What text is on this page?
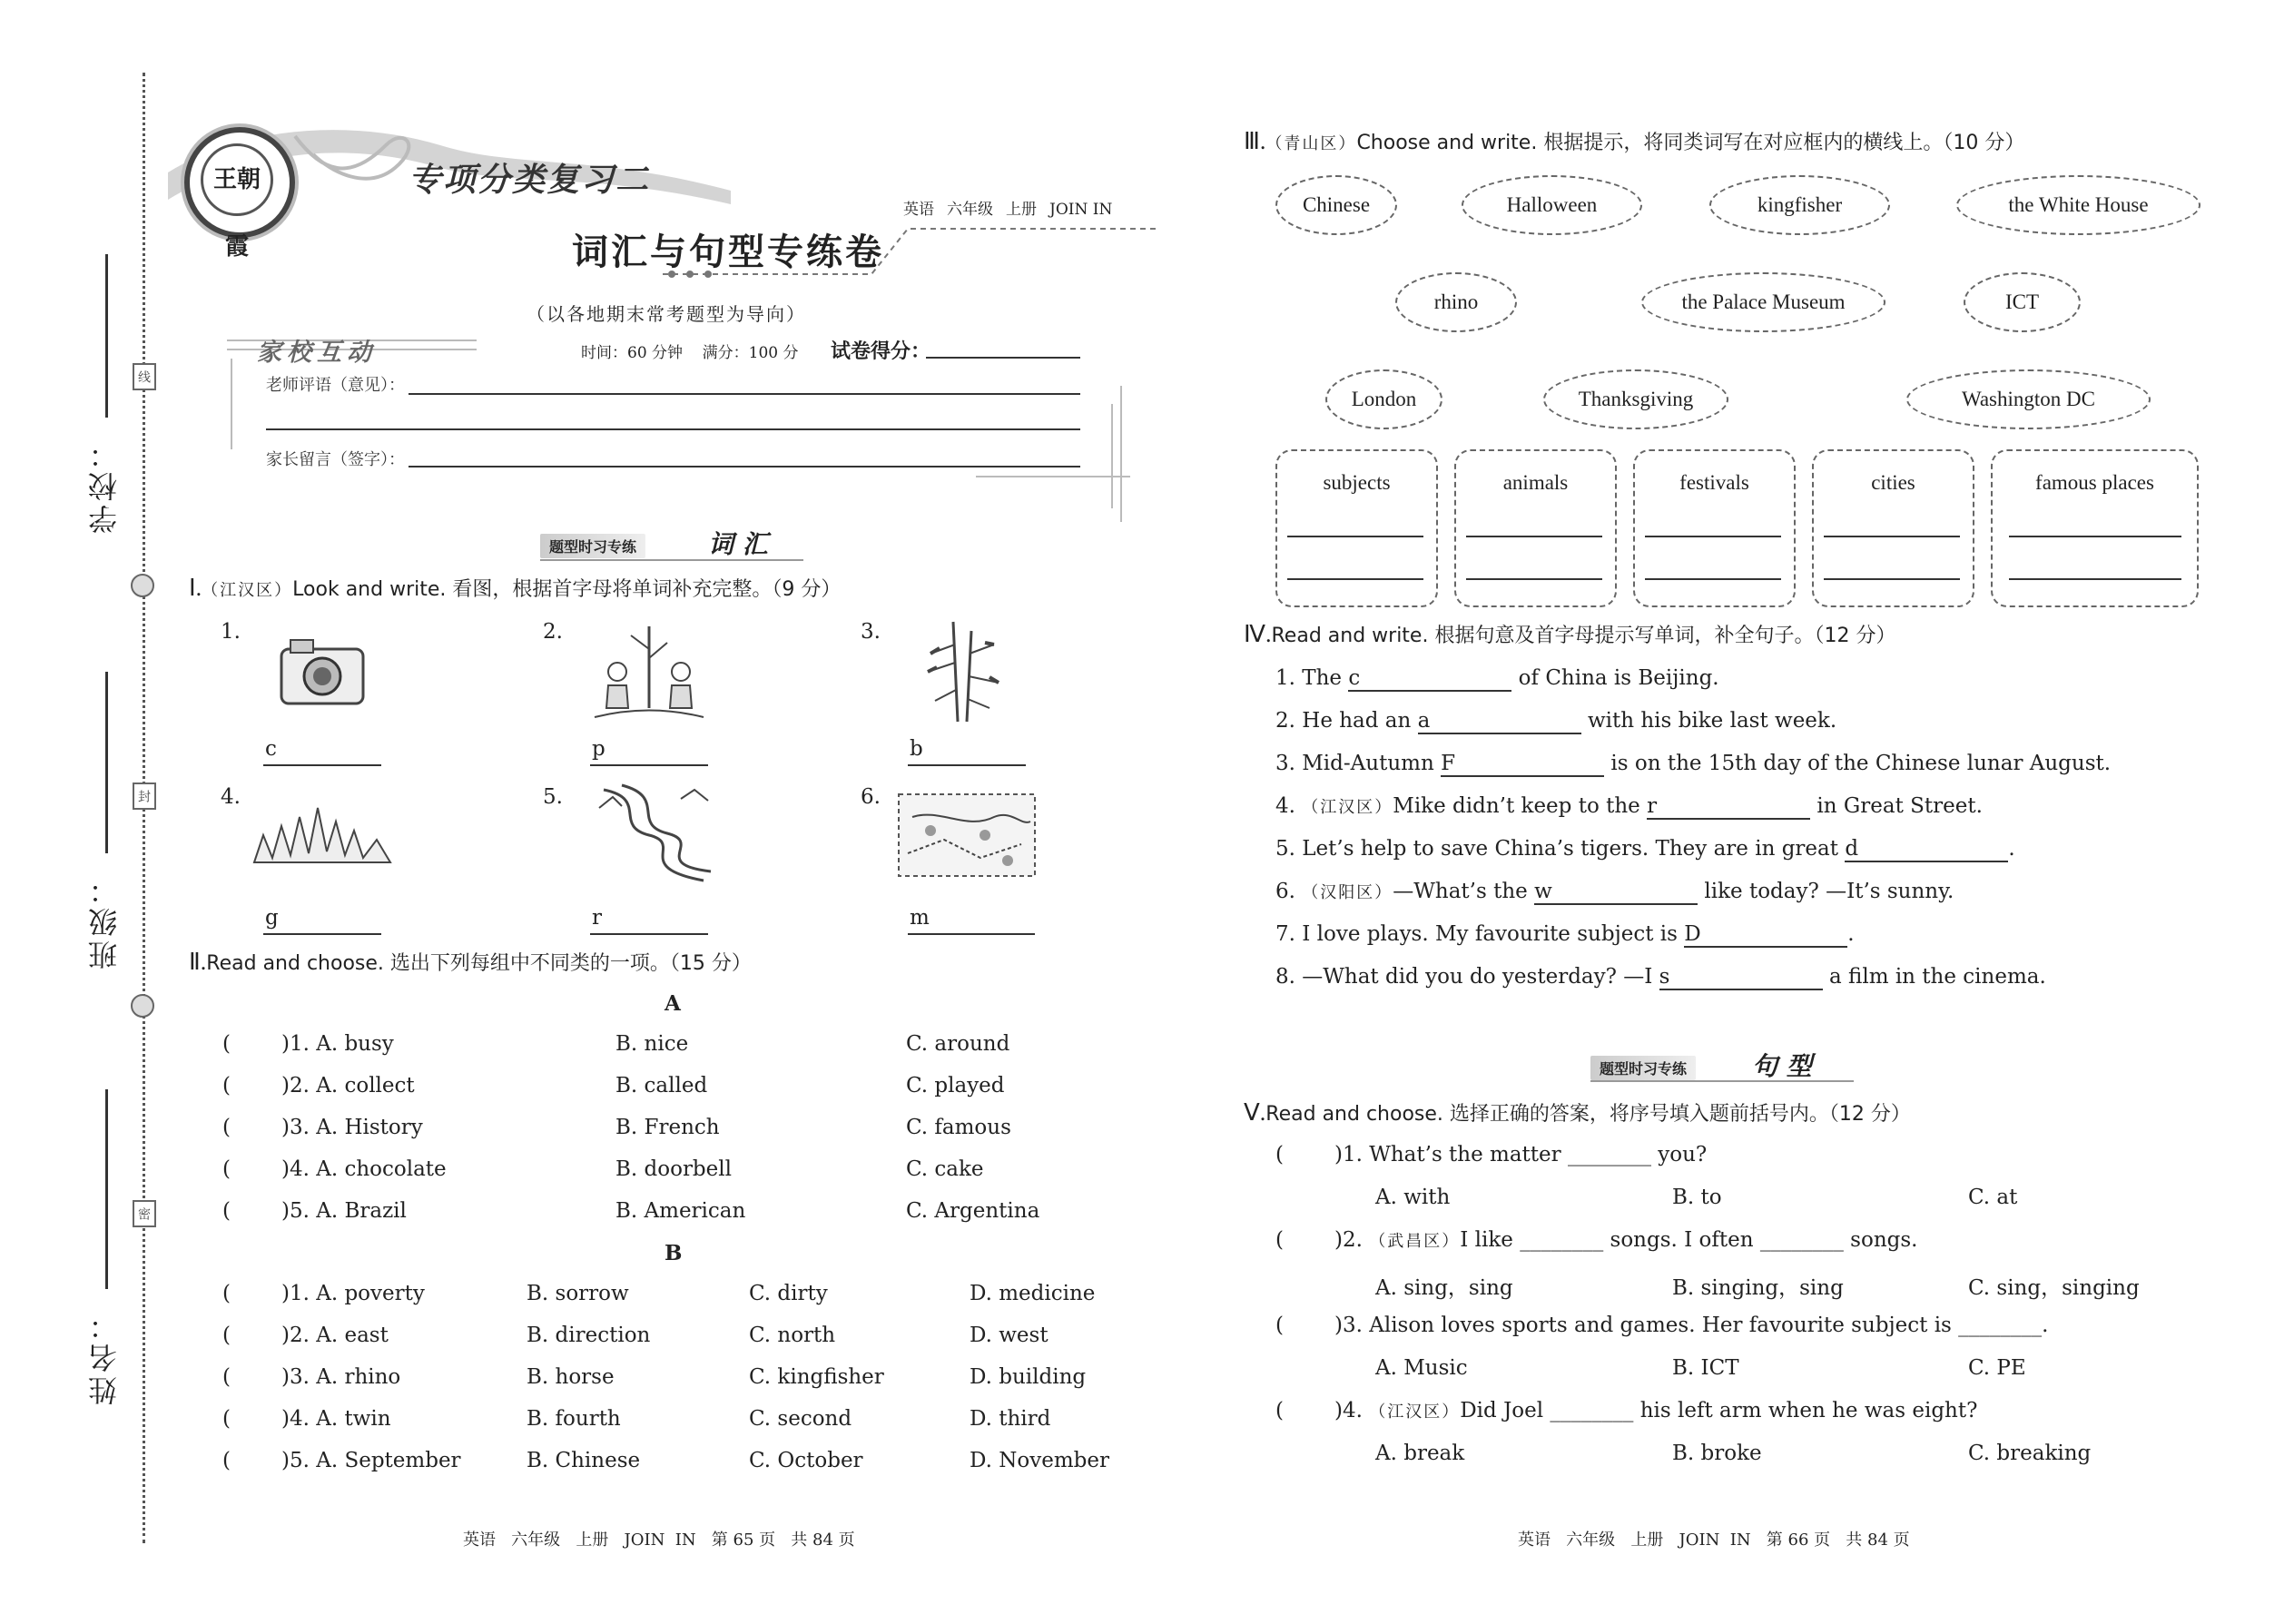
学校：
班级：
姓名：
线
封
密
王朝霞
专项分类复习二
英语 六年级 上册 JOIN IN
词汇与句型专练卷
（以各地期末常考题型为导向）
家校互动	时间：60 分钟 满分：100 分 试卷得分：
老师评语（意见）：
家长留言（签字）：
题型时习专练	词 汇
Ⅰ.（江汉区）Look and write. 看图，根据首字母将单词补充完整。（9 分）
1.
c
2.
p
3.
b
4.
g
5.
r
6.
m
Ⅱ.Read and choose. 选出下列每组中不同类的一项。（15 分）
A
( )1. A. busy	B. nice	C. around
( )2. A. collect	B. called	C. played
( )3. A. History	B. French	C. famous
( )4. A. chocolate	B. doorbell	C. cake
( )5. A. Brazil	B. American	C. Argentina
B
( )1. A. poverty	B. sorrow	C. dirty	D. medicine
( )2. A. east	B. direction	C. north	D. west
( )3. A. rhino	B. horse	C. kingfisher	D. building
( )4. A. twin	B. fourth	C. second	D. third
( )5. A. September	B. Chinese	C. October	D. November
英语   六年级   上册   JOIN  IN   第 65 页   共 84 页
Ⅲ.（青山区）Choose and write. 根据提示，将同类词写在对应框内的横线上。（10 分）
Chinese	Halloween	kingfisher	the White House
rhino	the Palace Museum	ICT
London	Thanksgiving	Washington DC
subjects	animals	festivals	cities	famous places
Ⅳ.Read and write. 根据句意及首字母提示写单词，补全句子。（12 分）
1. The c	of China is Beijing.
2. He had an a	with his bike last week.
3. Mid-Autumn F	is on the 15th day of the Chinese lunar August.
4. （江汉区）Mike didn’t keep to the r	in Great Street.
5. Let’s help to save China’s tigers. They are in great d	.
6. （汉阳区）—What’s the w	like today? —It’s sunny.
7. I love plays. My favourite subject is D	.
8. —What did you do yesterday? —I s	a film in the cinema.
题型时习专练	句 型
Ⅴ.Read and choose. 选择正确的答案，将序号填入题前括号内。（12 分）
( )1. What’s the matter ________ you?
A. with	B. to	C. at
( )2. （武昌区）I like ________ songs. I often ________ songs.
A. sing，sing	B. singing，sing	C. sing，singing
( )3. Alison loves sports and games. Her favourite subject is ________.
A. Music	B. ICT	C. PE
( )4. （江汉区）Did Joel ________ his left arm when he was eight?
A. break	B. broke	C. breaking
英语   六年级   上册   JOIN  IN   第 66 页   共 84 页
